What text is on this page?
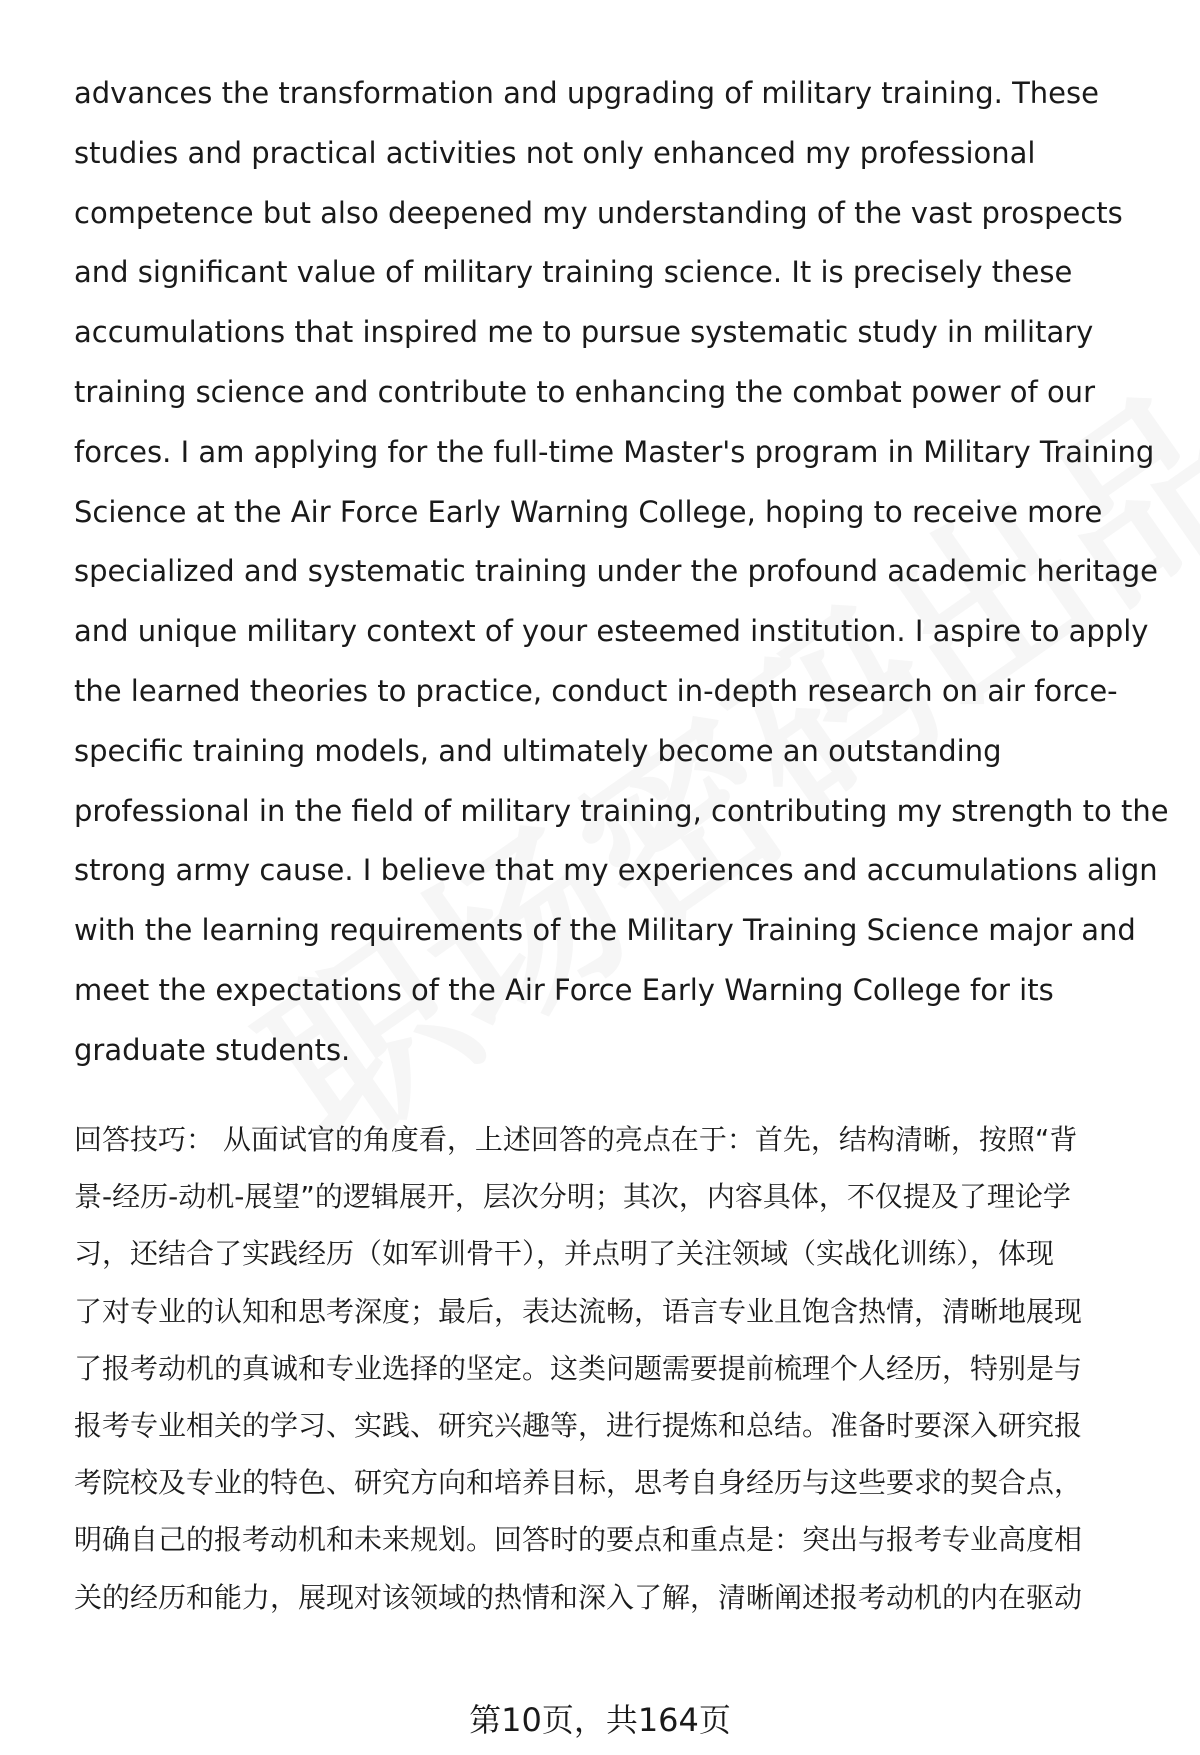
advances the transformation and upgrading of military training. These
studies and practical activities not only enhanced my professional
competence but also deepened my understanding of the vast prospects
and significant value of military training science. It is precisely these
accumulations that inspired me to pursue systematic study in military
training science and contribute to enhancing the combat power of our
forces. I am applying for the full-time Master's program in Military Training
Science at the Air Force Early Warning College, hoping to receive more
specialized and systematic training under the profound academic heritage
and unique military context of your esteemed institution. I aspire to apply
the learned theories to practice, conduct in-depth research on air force-
specific training models, and ultimately become an outstanding
professional in the field of military training, contributing my strength to the
strong army cause. I believe that my experiences and accumulations align
with the learning requirements of the Military Training Science major and
meet the expectations of the Air Force Early Warning College for its
graduate students.
回答技巧： 从面试官的角度看，上述回答的亮点在于：首先，结构清晰，按照“背
景-经历-动机-展望”的逻辑展开，层次分明；其次，内容具体，不仅提及了理论学
习，还结合了实践经历（如军训骨干），并点明了关注领域（实战化训练），体现
了对专业的认知和思考深度；最后，表达流畅，语言专业且饱含热情，清晰地展现
了报考动机的真诚和专业选择的坚定。这类问题需要提前梳理个人经历，特别是与
报考专业相关的学习、实践、研究兴趣等，进行提炼和总结。准备时要深入研究报
考院校及专业的特色、研究方向和培养目标，思考自身经历与这些要求的契合点，
明确自己的报考动机和未来规划。回答时的要点和重点是：突出与报考专业高度相
关的经历和能力，展现对该领域的热情和深入了解，清晰阐述报考动机的内在驱动
第10页，共164页
